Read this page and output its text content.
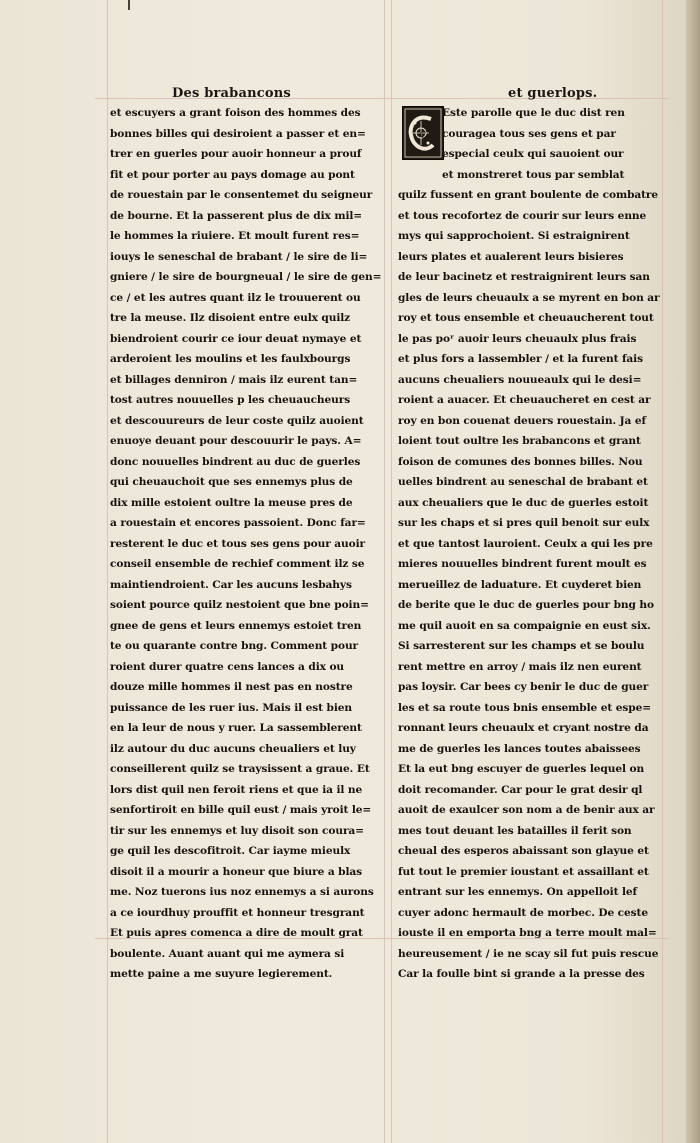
Des brabancons	et guerlops.
et escuyers a grant foison des hommes des
bonnes billes qui desiroient a passer et en=
trer en guerles pour auoir honneur a prouf
fit et pour porter au pays domage au pont
de rouestain par le consentemet du seigneur
de bourne. Et la passerent plus de dix mil=
le hommes la riuiere. Et moult furent res=
iouys le seneschal de brabant / le sire de li=
gniere / le sire de bourgneual / le sire de gen=
ce / et les autres quant ilz le trouuerent ou
tre la meuse. Ilz disoient entre eulx quilz
biendroient courir ce iour deuat nymaye et
arderoient les moulins et les faulxbourgs
et billages denniron / mais ilz eurent tan=
tost autres nouuelles p les cheuaucheurs
et descouureurs de leur coste quilz auoient
enuoye deuant pour descouurir le pays. A=
donc nouuelles bindrent au duc de guerles
qui cheuauchoit que ses ennemys plus de
dix mille estoient oultre la meuse pres de
a rouestain et encores passoient. Donc far=
resterent le duc et tous ses gens pour auoir
conseil ensemble de rechief comment ilz se
maintiendroient. Car les aucuns lesbahys
soient pource quilz nestoient que bne poin=
gnee de gens et leurs ennemys estoiet tren
te ou quarante contre bng. Comment pour
roient durer quatre cens lances a dix ou
douze mille hommes il nest pas en nostre
puissance de les ruer ius. Mais il est bien
en la leur de nous y ruer. La sassemblerent
ilz autour du duc aucuns cheualiers et luy
conseillerent quilz se traysissent a graue. Et
lors dist quil nen feroit riens et que ia il ne
senfortiroit en bille quil eust / mais yroit le=
tir sur les ennemys et luy disoit son coura=
ge quil les descofitroit. Car iayme mieulx
disoit il a mourir a honeur que biure a blas
me. Noz tuerons ius noz ennemys a si aurons
a ce iourdhuy prouffit et honneur tresgrant
Et puis apres comenca a dire de moult grat
boulente. Auant auant qui me aymera si
mette paine a me suyure legierement.
C
Este parolle que le duc dist ren
couragea tous ses gens et par
especial ceulx qui sauoient our
et monstreret tous par semblat
quilz fussent en grant boulente de combatre
et tous recofortez de courir sur leurs enne
mys qui sapprochoient. Si estraignirent
leurs plates et aualerent leurs bisieres
de leur bacinetz et restraignirent leurs san
gles de leurs cheuaulx a se myrent en bon ar
roy et tous ensemble et cheuaucherent tout
le pas poʳ auoir leurs cheuaulx plus frais
et plus fors a lassembler / et la furent fais
aucuns cheualiers nouueaulx qui le desi=
roient a auacer. Et cheuaucheret en cest ar
roy en bon couenat deuers rouestain. Ja ef
loient tout oultre les brabancons et grant
foison de comunes des bonnes billes. Nou
uelles bindrent au seneschal de brabant et
aux cheualiers que le duc de guerles estoit
sur les chaps et si pres quil benoit sur eulx
et que tantost lauroient. Ceulx a qui les pre
mieres nouuelles bindrent furent moult es
merueillez de laduature. Et cuyderet bien
de berite que le duc de guerles pour bng ho
me quil auoit en sa compaignie en eust six.
Si sarresterent sur les champs et se boulu
rent mettre en arroy / mais ilz nen eurent
pas loysir. Car bees cy benir le duc de guer
les et sa route tous bnis ensemble et espe=
ronnant leurs cheuaulx et cryant nostre da
me de guerles les lances toutes abaissees
Et la eut bng escuyer de guerles lequel on
doit recomander. Car pour le grat desir ql
auoit de exaulcer son nom a de benir aux ar
mes tout deuant les batailles il ferit son
cheual des esperos abaissant son glayue et
fut tout le premier ioustant et assaillant et
entrant sur les ennemys. On appelloit lef
cuyer adonc hermault de morbec. De ceste
iouste il en emporta bng a terre moult mal=
heureusement / ie ne scay sil fut puis rescue
Car la foulle bint si grande a la presse des
